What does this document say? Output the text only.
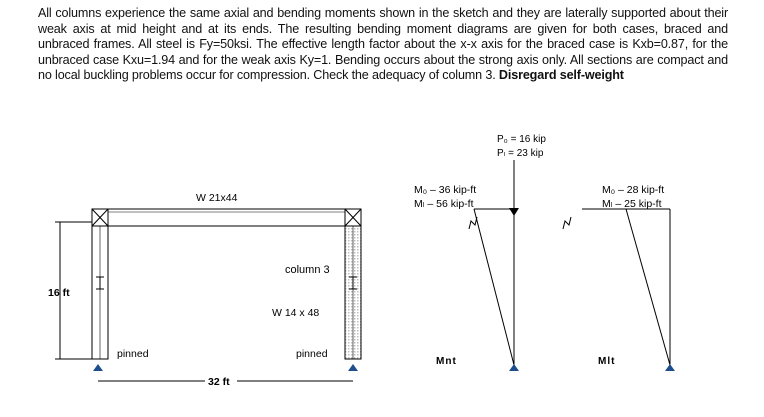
All columns experience the same axial and bending moments shown in the sketch and they are laterally supported about their weak axis at mid height and at its ends. The resulting bending moment diagrams are given for both cases, braced and unbraced frames. All steel is Fy=50ksi. The effective length factor about the x-x axis for the braced case is Kxb=0.87, for the unbraced case Kxu=1.94 and for the weak axis Ky=1. Bending occurs about the strong axis only. All sections are compact and no local buckling problems occur for compression. Check the adequacy of column 3. Disregard self-weight
W 21x44
column 3
W 14 x 48
16 ft
pinned	pinned
32 ft
P₀ = 16 kip
Pₗ = 23 kip
M₀ – 36 kip-ft
Mₗ – 56 kip-ft
Mnt
M₀ – 28 kip-ft
Mₗ – 25 kip-ft
Mlt
